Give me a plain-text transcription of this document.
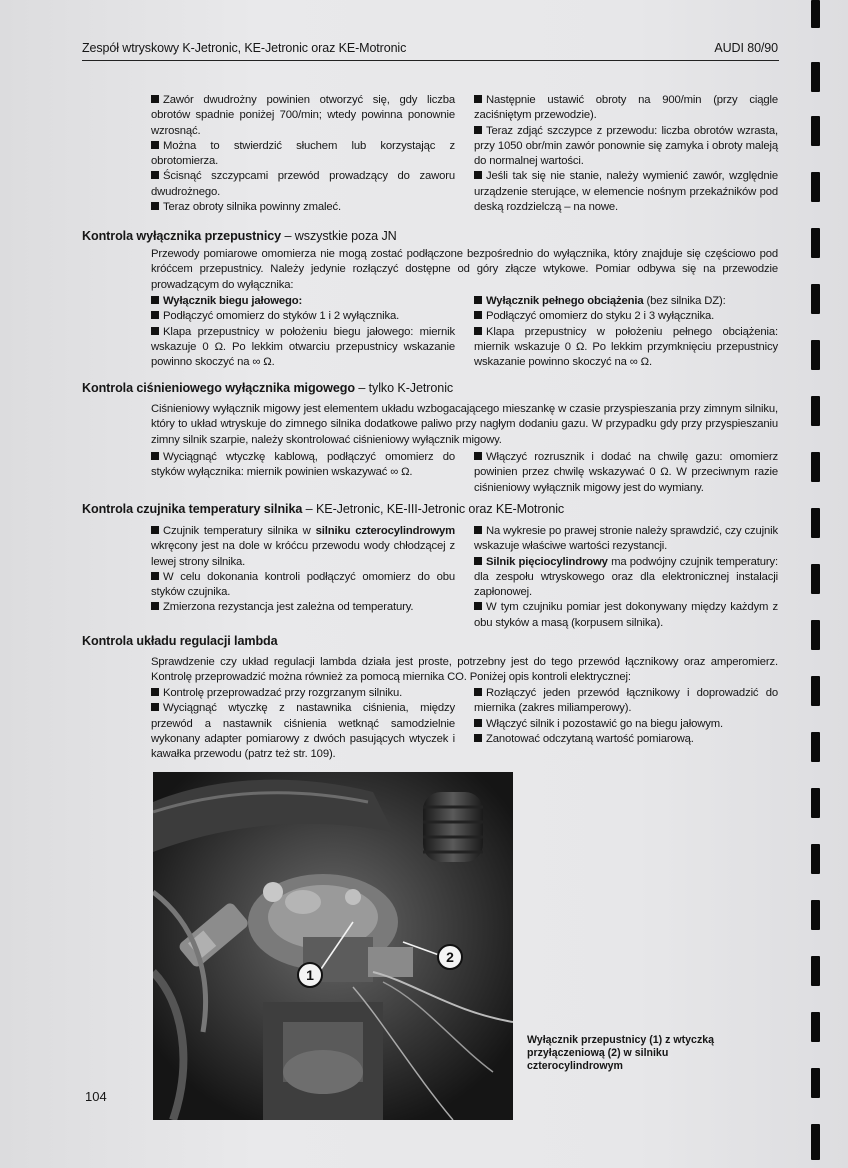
Zespół wtryskowy K-Jetronic, KE-Jetronic oraz KE-Motronic	AUDI 80/90

Zawór dwudrożny powinien otworzyć się, gdy liczba obrotów spadnie poniżej 700/min; wtedy powinna ponownie wzrosnąć.

Można to stwierdzić słuchem lub korzystając z obrotomierza.

Ścisnąć szczypcami przewód prowadzący do zaworu dwudrożnego.

Teraz obroty silnika powinny zmaleć.

Następnie ustawić obroty na 900/min (przy ciągle zaciśniętym przewodzie).

Teraz zdjąć szczypce z przewodu: liczba obrotów wzrasta, przy 1050 obr/min zawór ponownie się zamyka i obroty maleją do normalnej wartości.

Jeśli tak się nie stanie, należy wymienić zawór, względnie urządzenie sterujące, w elemencie nośnym przekaźników pod deską rozdzielczą – na nowe.

Kontrola wyłącznika przepustnicy – wszystkie poza JN

Przewody pomiarowe omomierza nie mogą zostać podłączone bezpośrednio do wyłącznika, który znajduje się częściowo pod króćcem przepustnicy. Należy jedynie rozłączyć dostępne od góry złącze wtykowe. Pomiar odbywa się na przewodzie prowadzącym do wyłącznika:

Wyłącznik biegu jałowego:

Podłączyć omomierz do styków 1 i 2 wyłącznika.

Klapa przepustnicy w położeniu biegu jałowego: miernik wskazuje 0 Ω. Po lekkim otwarciu przepustnicy wskazanie powinno skoczyć na ∞ Ω.

Wyłącznik pełnego obciążenia (bez silnika DZ):

Podłączyć omomierz do styku 2 i 3 wyłącznika.

Klapa przepustnicy w położeniu pełnego obciążenia: miernik wskazuje 0 Ω. Po lekkim przymknięciu przepustnicy wskazanie powinno skoczyć na ∞ Ω.

Kontrola ciśnieniowego wyłącznika migowego – tylko K-Jetronic

Ciśnieniowy wyłącznik migowy jest elementem układu wzbogacającego mieszankę w czasie przyspieszania przy zimnym silniku, który to układ wtryskuje do zimnego silnika dodatkowe paliwo przy nagłym dodaniu gazu. W przypadku gdy przy przyspieszaniu zimny silnik szarpie, należy skontrolować ciśnieniowy wyłącznik migowy.

Wyciągnąć wtyczkę kablową, podłączyć omomierz do styków wyłącznika: miernik powinien wskazywać ∞ Ω.

Włączyć rozrusznik i dodać na chwilę gazu: omomierz powinien przez chwilę wskazywać 0 Ω. W przeciwnym razie ciśnieniowy wyłącznik migowy jest do wymiany.

Kontrola czujnika temperatury silnika – KE-Jetronic, KE-III-Jetronic oraz KE-Motronic

Czujnik temperatury silnika w silniku czterocylindrowym wkręcony jest na dole w króćcu przewodu wody chłodzącej z lewej strony silnika.

W celu dokonania kontroli podłączyć omomierz do obu styków czujnika.

Zmierzona rezystancja jest zależna od temperatury.

Na wykresie po prawej stronie należy sprawdzić, czy czujnik wskazuje właściwe wartości rezystancji.

Silnik pięciocylindrowy ma podwójny czujnik temperatury: dla zespołu wtryskowego oraz dla elektronicznej instalacji zapłonowej.

W tym czujniku pomiar jest dokonywany między każdym z obu styków a masą (korpusem silnika).

Kontrola układu regulacji lambda

Sprawdzenie czy układ regulacji lambda działa jest proste, potrzebny jest do tego przewód łącznikowy oraz amperomierz. Kontrolę przeprowadzić można również za pomocą miernika CO. Poniżej opis kontroli elektrycznej:

Kontrolę przeprowadzać przy rozgrzanym silniku.

Wyciągnąć wtyczkę z nastawnika ciśnienia, między przewód a nastawnik ciśnienia wetknąć samodzielnie wykonany adapter pomiarowy z dwóch pasujących wtyczek i kawałka przewodu (patrz też str. 109).

Rozłączyć jeden przewód łącznikowy i doprowadzić do miernika (zakres miliamperowy).

Włączyć silnik i pozostawić go na biegu jałowym.

Zanotować odczytaną wartość pomiarową.

1
2
Wyłącznik przepustnicy (1) z wtyczką przyłączeniową (2) w silniku czterocylindrowym
104
